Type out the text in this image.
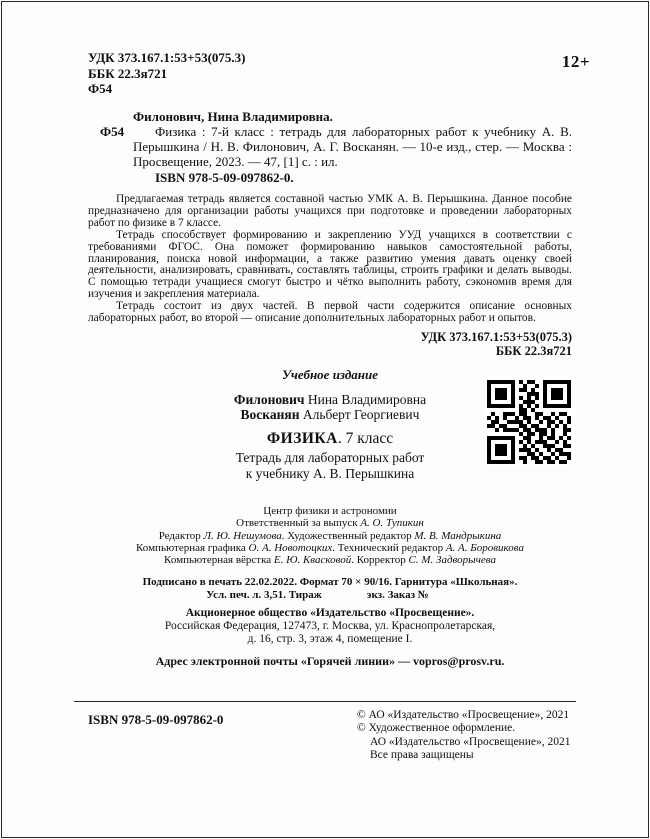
12+
УДК 373.167.1:53+53(075.3)
ББК 22.3я721
Ф54
Филонович, Нина Владимировна.
Ф54	Физика : 7-й класс : тетрадь для лабораторных работ к учебнику А. В. Перышкина / Н. В. Филонович, А. Г. Восканян. — 10-е изд., стер. — Москва : Просвещение, 2023. — 47, [1] с. : ил.
ISBN 978-5-09-097862-0.

Предлагаемая тетрадь является составной частью УМК А. В. Перышкина. Данное пособие предназначено для организации работы учащихся при подготовке и проведении лабораторных работ по физике в 7 классе.

Тетрадь способствует формированию и закреплению УУД учащихся в соответствии с требованиями ФГОС. Она поможет формированию навыков самостоятельной работы, планирования, поиска новой информации, а также развитию умения давать оценку своей деятельности, анализировать, сравнивать, составлять таблицы, строить графики и делать выводы. С помощью тетради учащиеся смогут быстро и чётко выполнить работу, сэкономив время для изучения и закрепления материала.

Тетрадь состоит из двух частей. В первой части содержится описание основных лабораторных работ, во второй — описание дополнительных лабораторных работ и опытов.

УДК 373.167.1:53+53(075.3)
ББК 22.3я721
Учебное издание
Филонович Нина Владимировна
Восканян Альберт Георгиевич
ФИЗИКА. 7 класс
Тетрадь для лабораторных работ
к учебнику А. В. Перышкина
Центр физики и астрономии
Ответственный за выпуск А. О. Тупикин
Редактор Л. Ю. Нешумова. Художественный редактор М. В. Мандрыкина
Компьютерная графика О. А. Новотоцких. Технический редактор А. А. Боровикова
Компьютерная вёрстка Е. Ю. Квасковой. Корректор С. М. Задворычева
Подписано в печать 22.02.2022. Формат 70 × 90/16. Гарнитура «Школьная».
Усл. печ. л. 3,51. Тираж	экз. Заказ №
Акционерное общество «Издательство «Просвещение».
Российская Федерация, 127473, г. Москва, ул. Краснопролетарская,
д. 16, стр. 3, этаж 4, помещение I.
Адрес электронной почты «Горячей линии» — vopros@prosv.ru.
ISBN 978-5-09-097862-0	© АО «Издательство «Просвещение», 2021
© Художественное оформление.
АО «Издательство «Просвещение», 2021
Все права защищены
